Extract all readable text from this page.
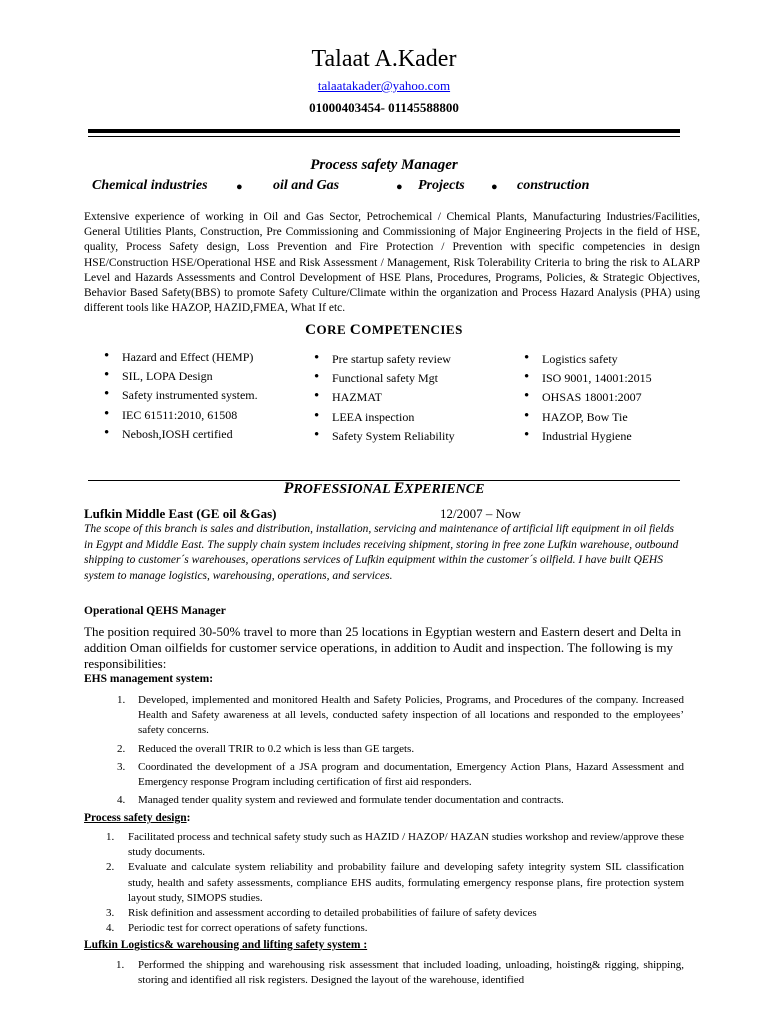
Talaat A.Kader
talaatakader@yahoo.com
01000403454- 01145588800
Process safety Manager
Chemical industries	● oil and Gas	● Projects ● construction
Extensive experience of working in Oil and Gas Sector, Petrochemical / Chemical Plants, Manufacturing Industries/Facilities, General Utilities Plants, Construction, Pre Commissioning and Commissioning of Major Engineering Projects in the field of HSE, quality, Process Safety design, Loss Prevention and Fire Protection / Prevention with specific competencies in design HSE/Construction HSE/Operational HSE and Risk Assessment / Management, Risk Tolerability Criteria to bring the risk to ALARP Level and Hazards Assessments and Control Development of HSE Plans, Procedures, Programs, Policies, & Strategic Objectives, Behavior Based Safety(BBS) to promote Safety Culture/Climate within the organization and Process Hazard Analysis (PHA) using different tools like HAZOP, HAZID,FMEA, What If etc.
CORE COMPETENCIES
• Hazard and Effect (HEMP)
• SIL, LOPA Design
• Safety instrumented system.
• IEC 61511:2010, 61508
• Nebosh,IOSH certified
• Pre startup safety review
• Functional safety Mgt
• HAZMAT
• LEEA inspection
• Safety System Reliability
• Logistics safety
• ISO 9001, 14001:2015
• OHSAS 18001:2007
• HAZOP, Bow Tie
• Industrial Hygiene
PROFESSIONAL EXPERIENCE
Lufkin Middle East (GE oil &Gas)	12/2007 – Now
The scope of this branch is sales and distribution, installation, servicing and maintenance of artificial lift equipment in oil fields in Egypt and Middle East. The supply chain system includes receiving shipment, storing in free zone Lufkin warehouse, outbound shipping to customer´s warehouses, operations services of Lufkin equipment within the customer´s oilfield. I have built QEHS system to manage logistics, warehousing, operations, and services.
Operational QEHS Manager
The position required 30-50% travel to more than 25 locations in Egyptian western and Eastern desert and Delta in addition Oman oilfields for customer service operations, in addition to Audit and inspection. The following is my responsibilities:
EHS management system:
1. Developed, implemented and monitored Health and Safety Policies, Programs, and Procedures of the company. Increased Health and Safety awareness at all levels, conducted safety inspection of all locations and responded to the employees’ safety concerns.
2. Reduced the overall TRIR to 0.2 which is less than GE targets.
3. Coordinated the development of a JSA program and documentation, Emergency Action Plans, Hazard Assessment and Emergency response Program including certification of first aid responders.
4. Managed tender quality system and reviewed and formulate tender documentation and contracts.
Process safety design:
1. Facilitated process and technical safety study such as HAZID / HAZOP/ HAZAN studies workshop and review/approve these study documents.
2. Evaluate and calculate system reliability and probability failure and developing safety integrity system SIL classification study, health and safety assessments, compliance EHS audits, formulating emergency response plans, fire protection system layout study, SIMOPS studies.
3. Risk definition and assessment according to detailed probabilities of failure of safety devices
4. Periodic test for correct operations of safety functions.
Lufkin Logistics& warehousing and lifting safety system :
1.	Performed the shipping and warehousing risk assessment that included loading, unloading, hoisting& rigging, shipping, storing and identified all risk registers. Designed the layout of the warehouse, identified
